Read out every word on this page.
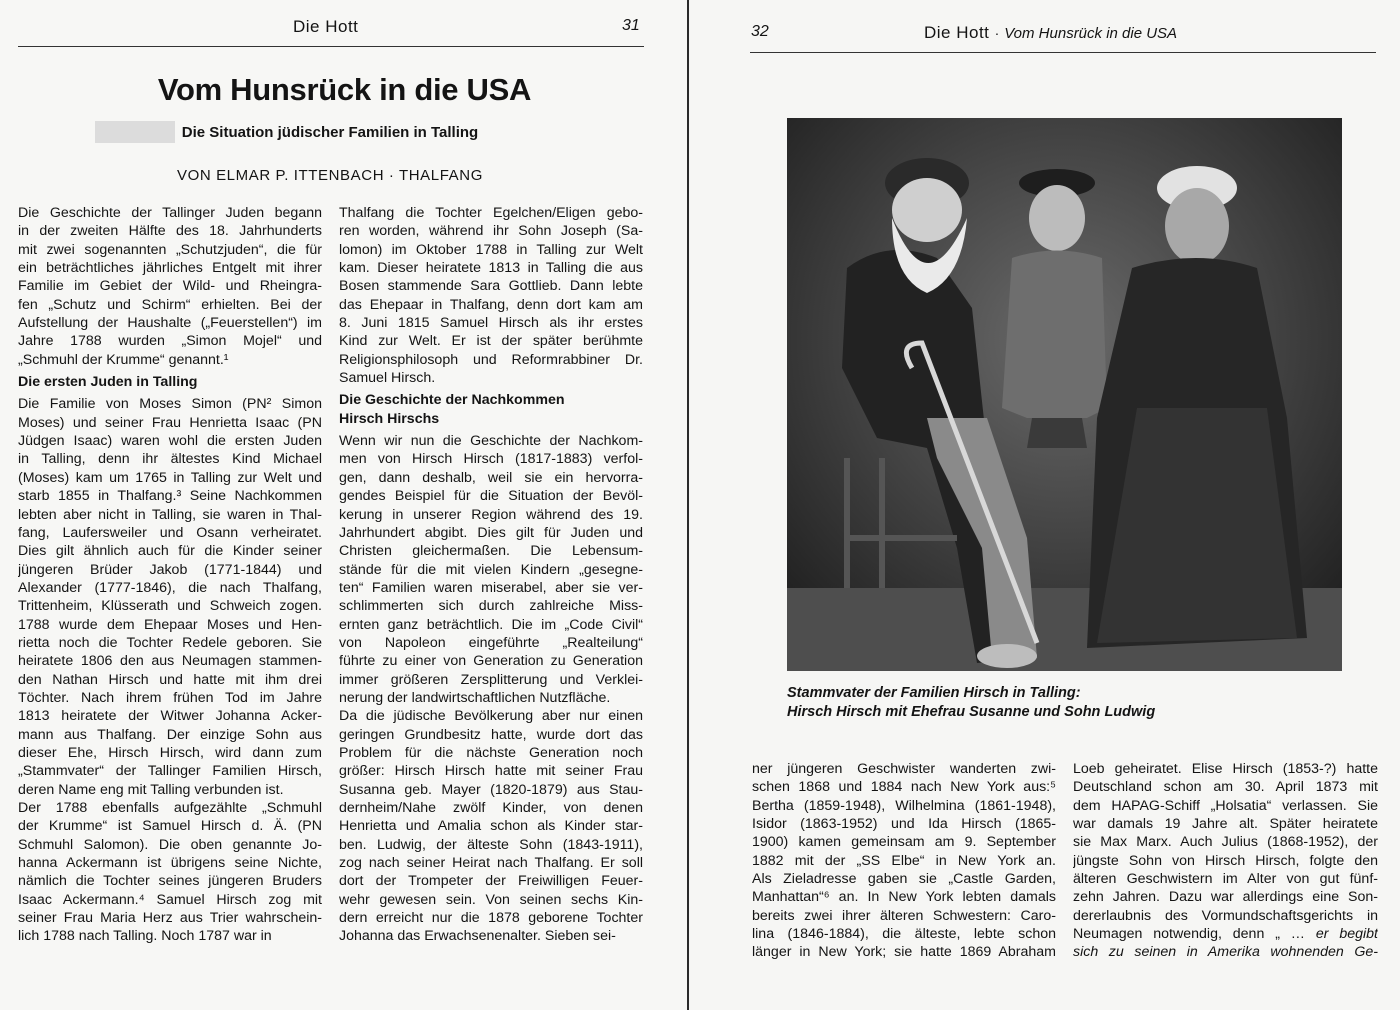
Die Hott	31
Vom Hunsrück in die USA
Die Situation jüdischer Familien in Talling
VON ELMAR P. ITTENBACH · THALFANG
Die Geschichte der Tallinger Juden begann
in der zweiten Hälfte des 18. Jahrhunderts
mit zwei sogenannten „Schutzjuden“, die für
ein beträchtliches jährliches Entgelt mit ihrer
Familie im Gebiet der Wild- und Rheingra-
fen „Schutz und Schirm“ erhielten. Bei der
Aufstellung der Haushalte („Feuerstellen“) im
Jahre 1788 wurden „Simon Mojel“ und
„Schmuhl der Krumme“ genannt.¹
Die ersten Juden in Talling
Die Familie von Moses Simon (PN² Simon
Moses) und seiner Frau Henrietta Isaac (PN
Jüdgen Isaac) waren wohl die ersten Juden
in Talling, denn ihr ältestes Kind Michael
(Moses) kam um 1765 in Talling zur Welt und
starb 1855 in Thalfang.³ Seine Nachkommen
lebten aber nicht in Talling, sie waren in Thal-
fang, Laufersweiler und Osann verheiratet.
Dies gilt ähnlich auch für die Kinder seiner
jüngeren Brüder Jakob (1771-1844) und
Alexander (1777-1846), die nach Thalfang,
Trittenheim, Klüsserath und Schweich zogen.
1788 wurde dem Ehepaar Moses und Hen-
rietta noch die Tochter Redele geboren. Sie
heiratete 1806 den aus Neumagen stammen-
den Nathan Hirsch und hatte mit ihm drei
Töchter. Nach ihrem frühen Tod im Jahre
1813 heiratete der Witwer Johanna Acker-
mann aus Thalfang. Der einzige Sohn aus
dieser Ehe, Hirsch Hirsch, wird dann zum
„Stammvater“ der Tallinger Familien Hirsch,
deren Name eng mit Talling verbunden ist.
Der 1788 ebenfalls aufgezählte „Schmuhl
der Krumme“ ist Samuel Hirsch d. Ä. (PN
Schmuhl Salomon). Die oben genannte Jo-
hanna Ackermann ist übrigens seine Nichte,
nämlich die Tochter seines jüngeren Bruders
Isaac Ackermann.⁴ Samuel Hirsch zog mit
seiner Frau Maria Herz aus Trier wahrschein-
lich 1788 nach Talling. Noch 1787 war in
Thalfang die Tochter Egelchen/Eligen gebo-
ren worden, während ihr Sohn Joseph (Sa-
lomon) im Oktober 1788 in Talling zur Welt
kam. Dieser heiratete 1813 in Talling die aus
Bosen stammende Sara Gottlieb. Dann lebte
das Ehepaar in Thalfang, denn dort kam am
8. Juni 1815 Samuel Hirsch als ihr erstes
Kind zur Welt. Er ist der später berühmte
Religionsphilosoph und Reformrabbiner Dr.
Samuel Hirsch.
Die Geschichte der Nachkommen
Hirsch Hirschs
Wenn wir nun die Geschichte der Nachkom-
men von Hirsch Hirsch (1817-1883) verfol-
gen, dann deshalb, weil sie ein hervorra-
gendes Beispiel für die Situation der Bevöl-
kerung in unserer Region während des 19.
Jahrhundert abgibt. Dies gilt für Juden und
Christen gleichermaßen. Die Lebensum-
stände für die mit vielen Kindern „gesegne-
ten“ Familien waren miserabel, aber sie ver-
schlimmerten sich durch zahlreiche Miss-
ernten ganz beträchtlich. Die im „Code Civil“
von Napoleon eingeführte „Realteilung“
führte zu einer von Generation zu Generation
immer größeren Zersplitterung und Verklei-
nerung der landwirtschaftlichen Nutzfläche.
Da die jüdische Bevölkerung aber nur einen
geringen Grundbesitz hatte, wurde dort das
Problem für die nächste Generation noch
größer: Hirsch Hirsch hatte mit seiner Frau
Susanna geb. Mayer (1820-1879) aus Stau-
dernheim/Nahe zwölf Kinder, von denen
Henrietta und Amalia schon als Kinder star-
ben. Ludwig, der älteste Sohn (1843-1911),
zog nach seiner Heirat nach Thalfang. Er soll
dort der Trompeter der Freiwilligen Feuer-
wehr gewesen sein. Von seinen sechs Kin-
dern erreicht nur die 1878 geborene Tochter
Johanna das Erwachsenenalter. Sieben sei-
32	Die Hott · Vom Hunsrück in die USA
Stammvater der Familien Hirsch in Talling:
Hirsch Hirsch mit Ehefrau Susanne und Sohn Ludwig
ner jüngeren Geschwister wanderten zwi-
schen 1868 und 1884 nach New York aus:⁵
Bertha (1859-1948), Wilhelmina (1861-1948),
Isidor (1863-1952) und Ida Hirsch (1865-
1900) kamen gemeinsam am 9. September
1882 mit der „SS Elbe“ in New York an.
Als Zieladresse gaben sie „Castle Garden,
Manhattan“⁶ an. In New York lebten damals
bereits zwei ihrer älteren Schwestern: Caro-
lina (1846-1884), die älteste, lebte schon
länger in New York; sie hatte 1869 Abraham
Loeb geheiratet. Elise Hirsch (1853-?) hatte
Deutschland schon am 30. April 1873 mit
dem HAPAG-Schiff „Holsatia“ verlassen. Sie
war damals 19 Jahre alt. Später heiratete
sie Max Marx. Auch Julius (1868-1952), der
jüngste Sohn von Hirsch Hirsch, folgte den
älteren Geschwistern im Alter von gut fünf-
zehn Jahren. Dazu war allerdings eine Son-
dererlaubnis des Vormundschaftsgerichts in
Neumagen notwendig, denn „ … er begibt
sich zu seinen in Amerika wohnenden Ge-
